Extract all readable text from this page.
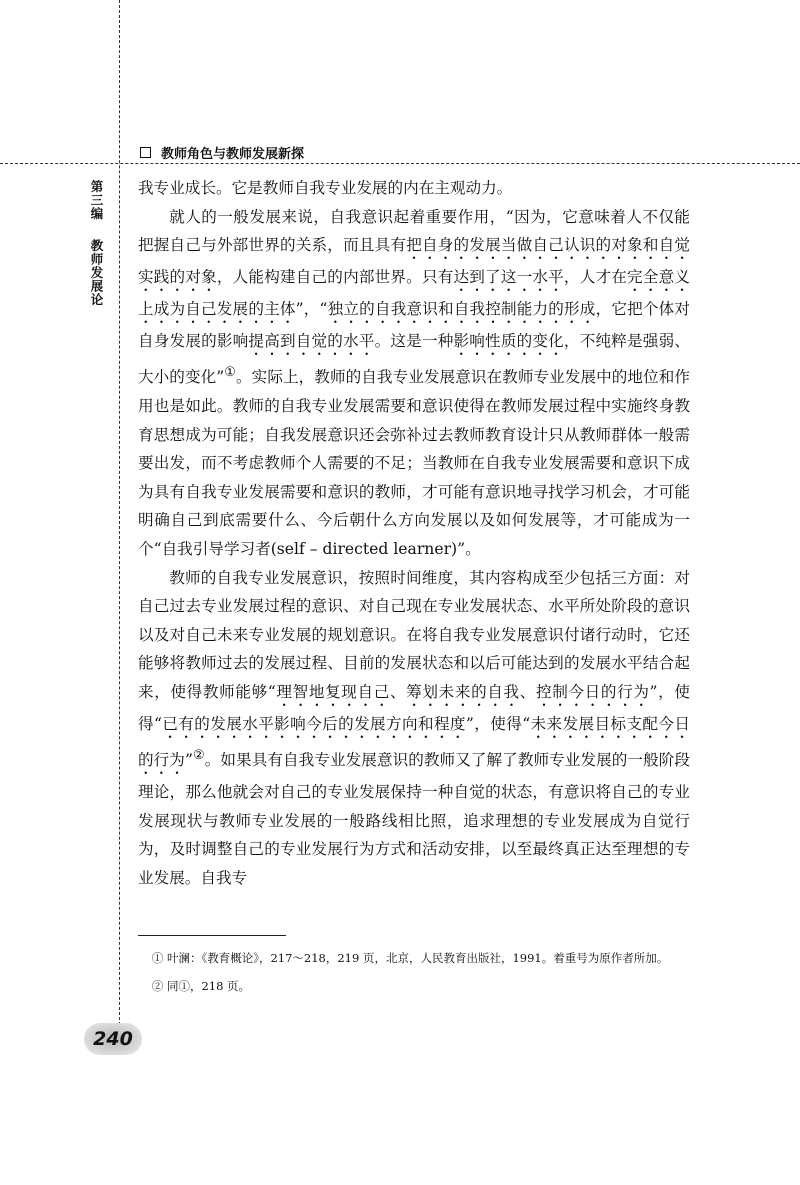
教师角色与教师发展新探
第三编
教师发展论

我专业成长。它是教师自我专业发展的内在主观动力。

就人的一般发展来说，自我意识起着重要作用，“因为，它意味着人不仅能把握自己与外部世界的关系，而且具有把自身的发展当做自己认识的对象和自觉实践的对象，人能构建自己的内部世界。只有达到了这一水平，人才在完全意义上成为自己发展的主体”，“独立的自我意识和自我控制能力的形成，它把个体对自身发展的影响提高到自觉的水平。这是一种影响性质的变化，不纯粹是强弱、大小的变化”①。实际上，教师的自我专业发展意识在教师专业发展中的地位和作用也是如此。教师的自我专业发展需要和意识使得在教师发展过程中实施终身教育思想成为可能；自我发展意识还会弥补过去教师教育设计只从教师群体一般需要出发，而不考虑教师个人需要的不足；当教师在自我专业发展需要和意识下成为具有自我专业发展需要和意识的教师，才可能有意识地寻找学习机会，才可能明确自己到底需要什么、今后朝什么方向发展以及如何发展等，才可能成为一个“自我引导学习者(self – directed learner)”。

教师的自我专业发展意识，按照时间维度，其内容构成至少包括三方面：对自己过去专业发展过程的意识、对自己现在专业发展状态、水平所处阶段的意识以及对自己未来专业发展的规划意识。在将自我专业发展意识付诸行动时，它还能够将教师过去的发展过程、目前的发展状态和以后可能达到的发展水平结合起来，使得教师能够“理智地复现自己、筹划未来的自我、控制今日的行为”，使得“已有的发展水平影响今后的发展方向和程度”，使得“未来发展目标支配今日的行为”②。如果具有自我专业发展意识的教师又了解了教师专业发展的一般阶段理论，那么他就会对自己的专业发展保持一种自觉的状态，有意识将自己的专业发展现状与教师专业发展的一般路线相比照，追求理想的专业发展成为自觉行为，及时调整自己的专业发展行为方式和活动安排，以至最终真正达至理想的专业发展。自我专

① 叶澜：《教育概论》，217～218，219 页，北京，人民教育出版社，1991。着重号为原作者所加。

② 同①，218 页。

240
